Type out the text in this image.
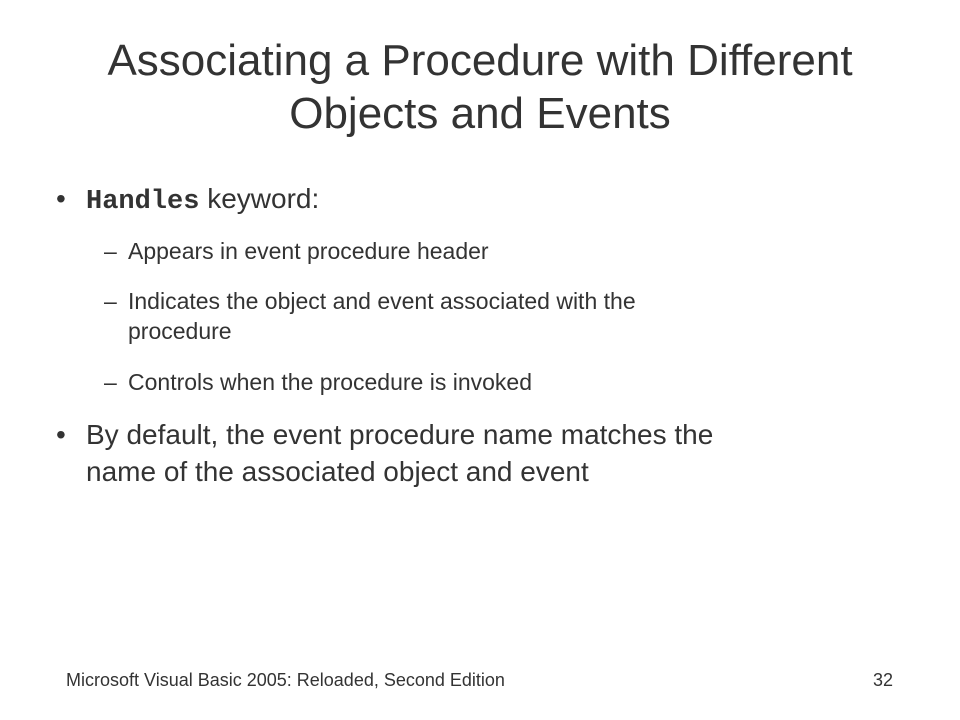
Associating a Procedure with Different
Objects and Events
• Handles keyword:
– Appears in event procedure header
– Indicates the object and event associated with the
procedure
– Controls when the procedure is invoked
• By default, the event procedure name matches the
name of the associated object and event
Microsoft Visual Basic 2005: Reloaded, Second Edition	32
